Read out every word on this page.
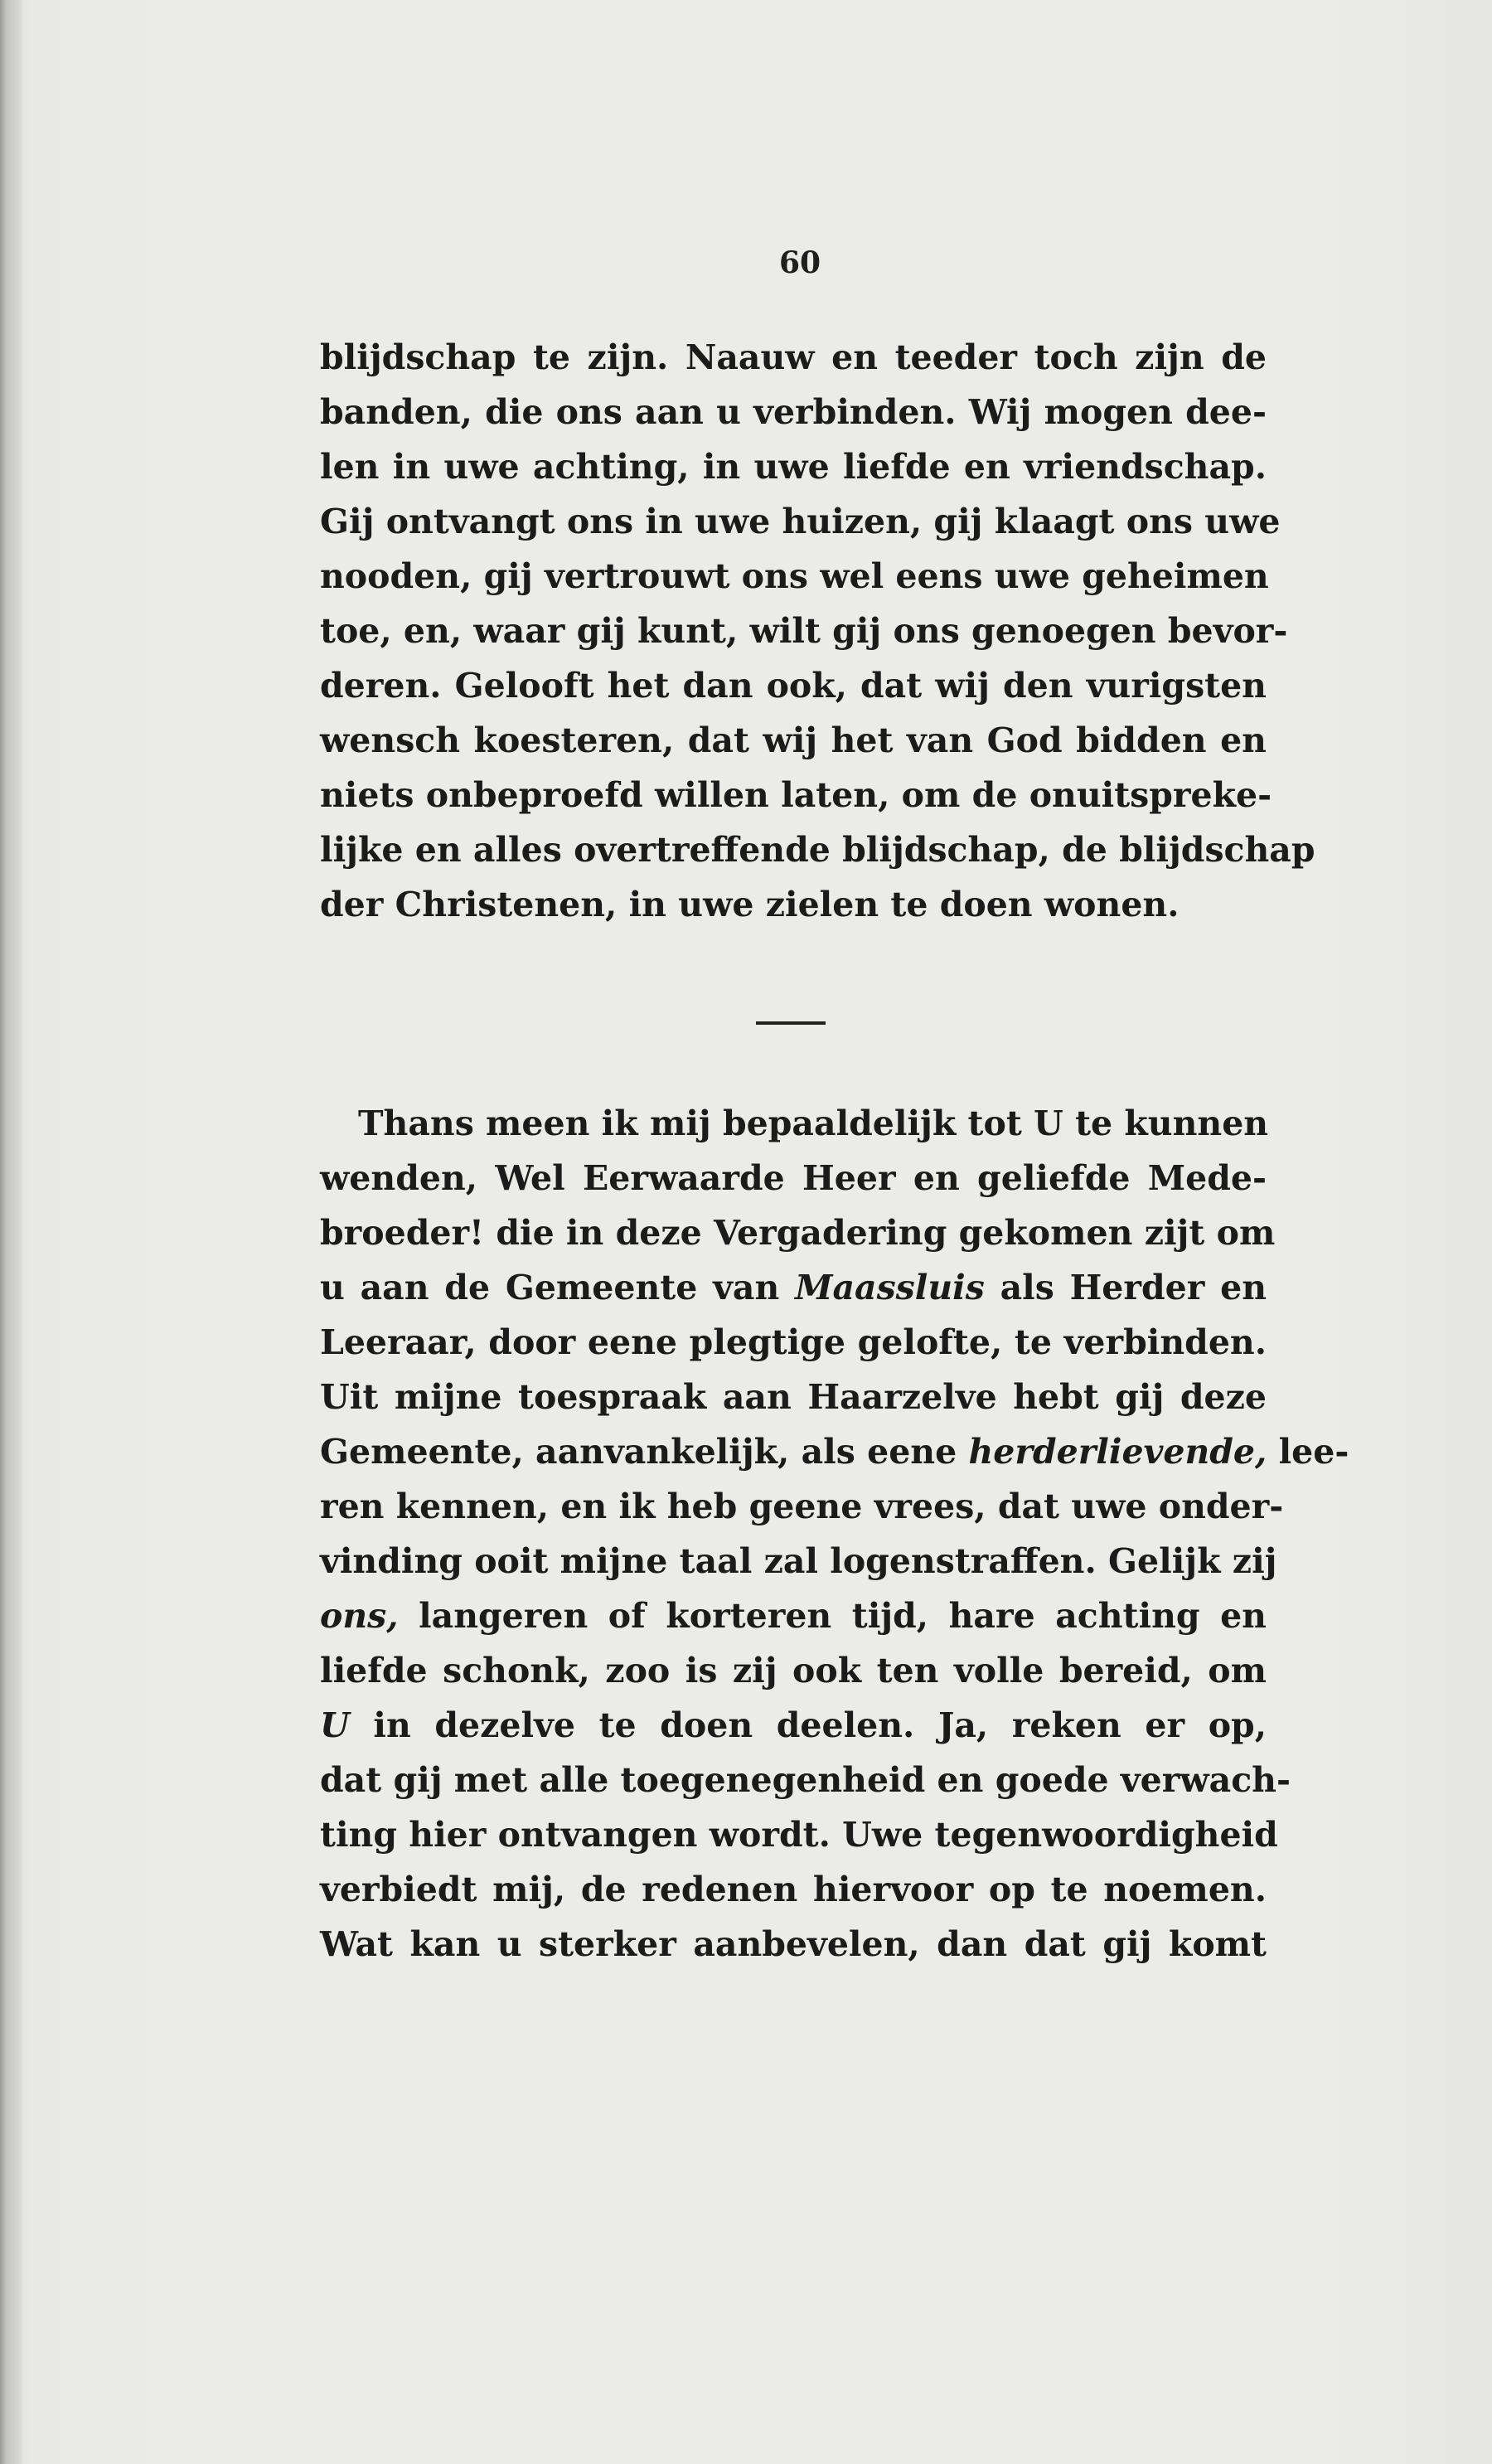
60
blijdschap te zijn. Naauw en teeder toch zijn de
banden, die ons aan u verbinden. Wij mogen dee-
len in uwe achting, in uwe liefde en vriendschap.
Gij ontvangt ons in uwe huizen, gij klaagt ons uwe
nooden, gij vertrouwt ons wel eens uwe geheimen
toe, en, waar gij kunt, wilt gij ons genoegen bevor-
deren. Gelooft het dan ook, dat wij den vurigsten
wensch koesteren, dat wij het van God bidden en
niets onbeproefd willen laten, om de onuitspreke-
lijke en alles overtreffende blijdschap, de blijdschap
der Christenen, in uwe zielen te doen wonen.
Thans meen ik mij bepaaldelijk tot U te kunnen
wenden, Wel Eerwaarde Heer en geliefde Mede-
broeder! die in deze Vergadering gekomen zijt om
u aan de Gemeente van Maassluis als Herder en
Leeraar, door eene plegtige gelofte, te verbinden.
Uit mijne toespraak aan Haarzelve hebt gij deze
Gemeente, aanvankelijk, als eene herderlievende, lee-
ren kennen, en ik heb geene vrees, dat uwe onder-
vinding ooit mijne taal zal logenstraffen. Gelijk zij
ons, langeren of korteren tijd, hare achting en
liefde schonk, zoo is zij ook ten volle bereid, om
U in dezelve te doen deelen. Ja, reken er op,
dat gij met alle toegenegenheid en goede verwach-
ting hier ontvangen wordt. Uwe tegenwoordigheid
verbiedt mij, de redenen hiervoor op te noemen.
Wat kan u sterker aanbevelen, dan dat gij komt
